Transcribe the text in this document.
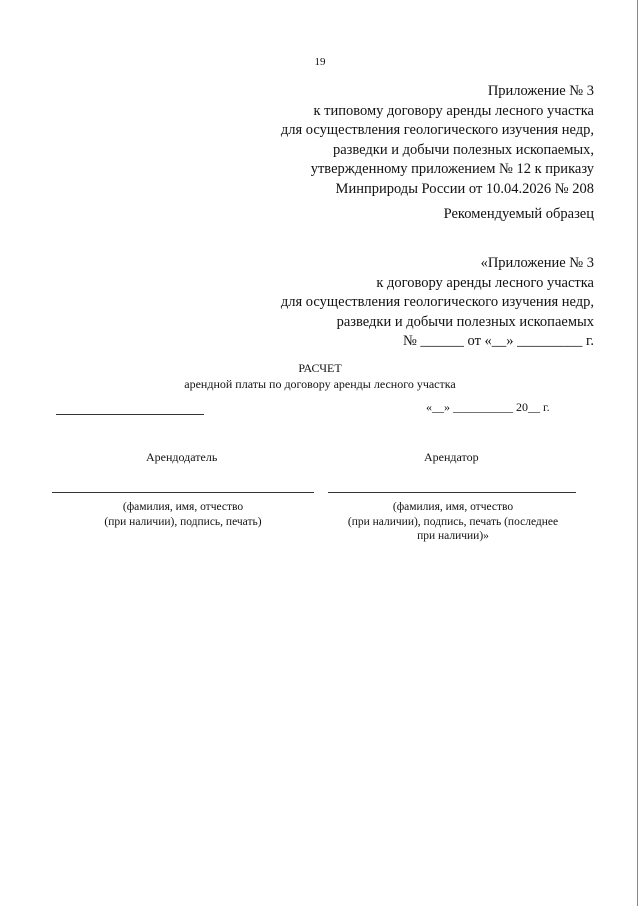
19
Приложение № 3
к типовому договору аренды лесного участка
для осуществления геологического изучения недр,
разведки и добычи полезных ископаемых,
утвержденному приложением № 12 к приказу
Минприроды России от 10.04.2026 № 208
Рекомендуемый образец
«Приложение № 3
к договору аренды лесного участка
для осуществления геологического изучения недр,
разведки и добычи полезных ископаемых
№ ______ от «__» _________ г.
РАСЧЕТ
арендной платы по договору аренды лесного участка
«__» __________ 20__ г.
Арендодатель	Арендатор
(фамилия, имя, отчество
(при наличии), подпись, печать)
(фамилия, имя, отчество
(при наличии), подпись, печать (последнее
при наличии)»
